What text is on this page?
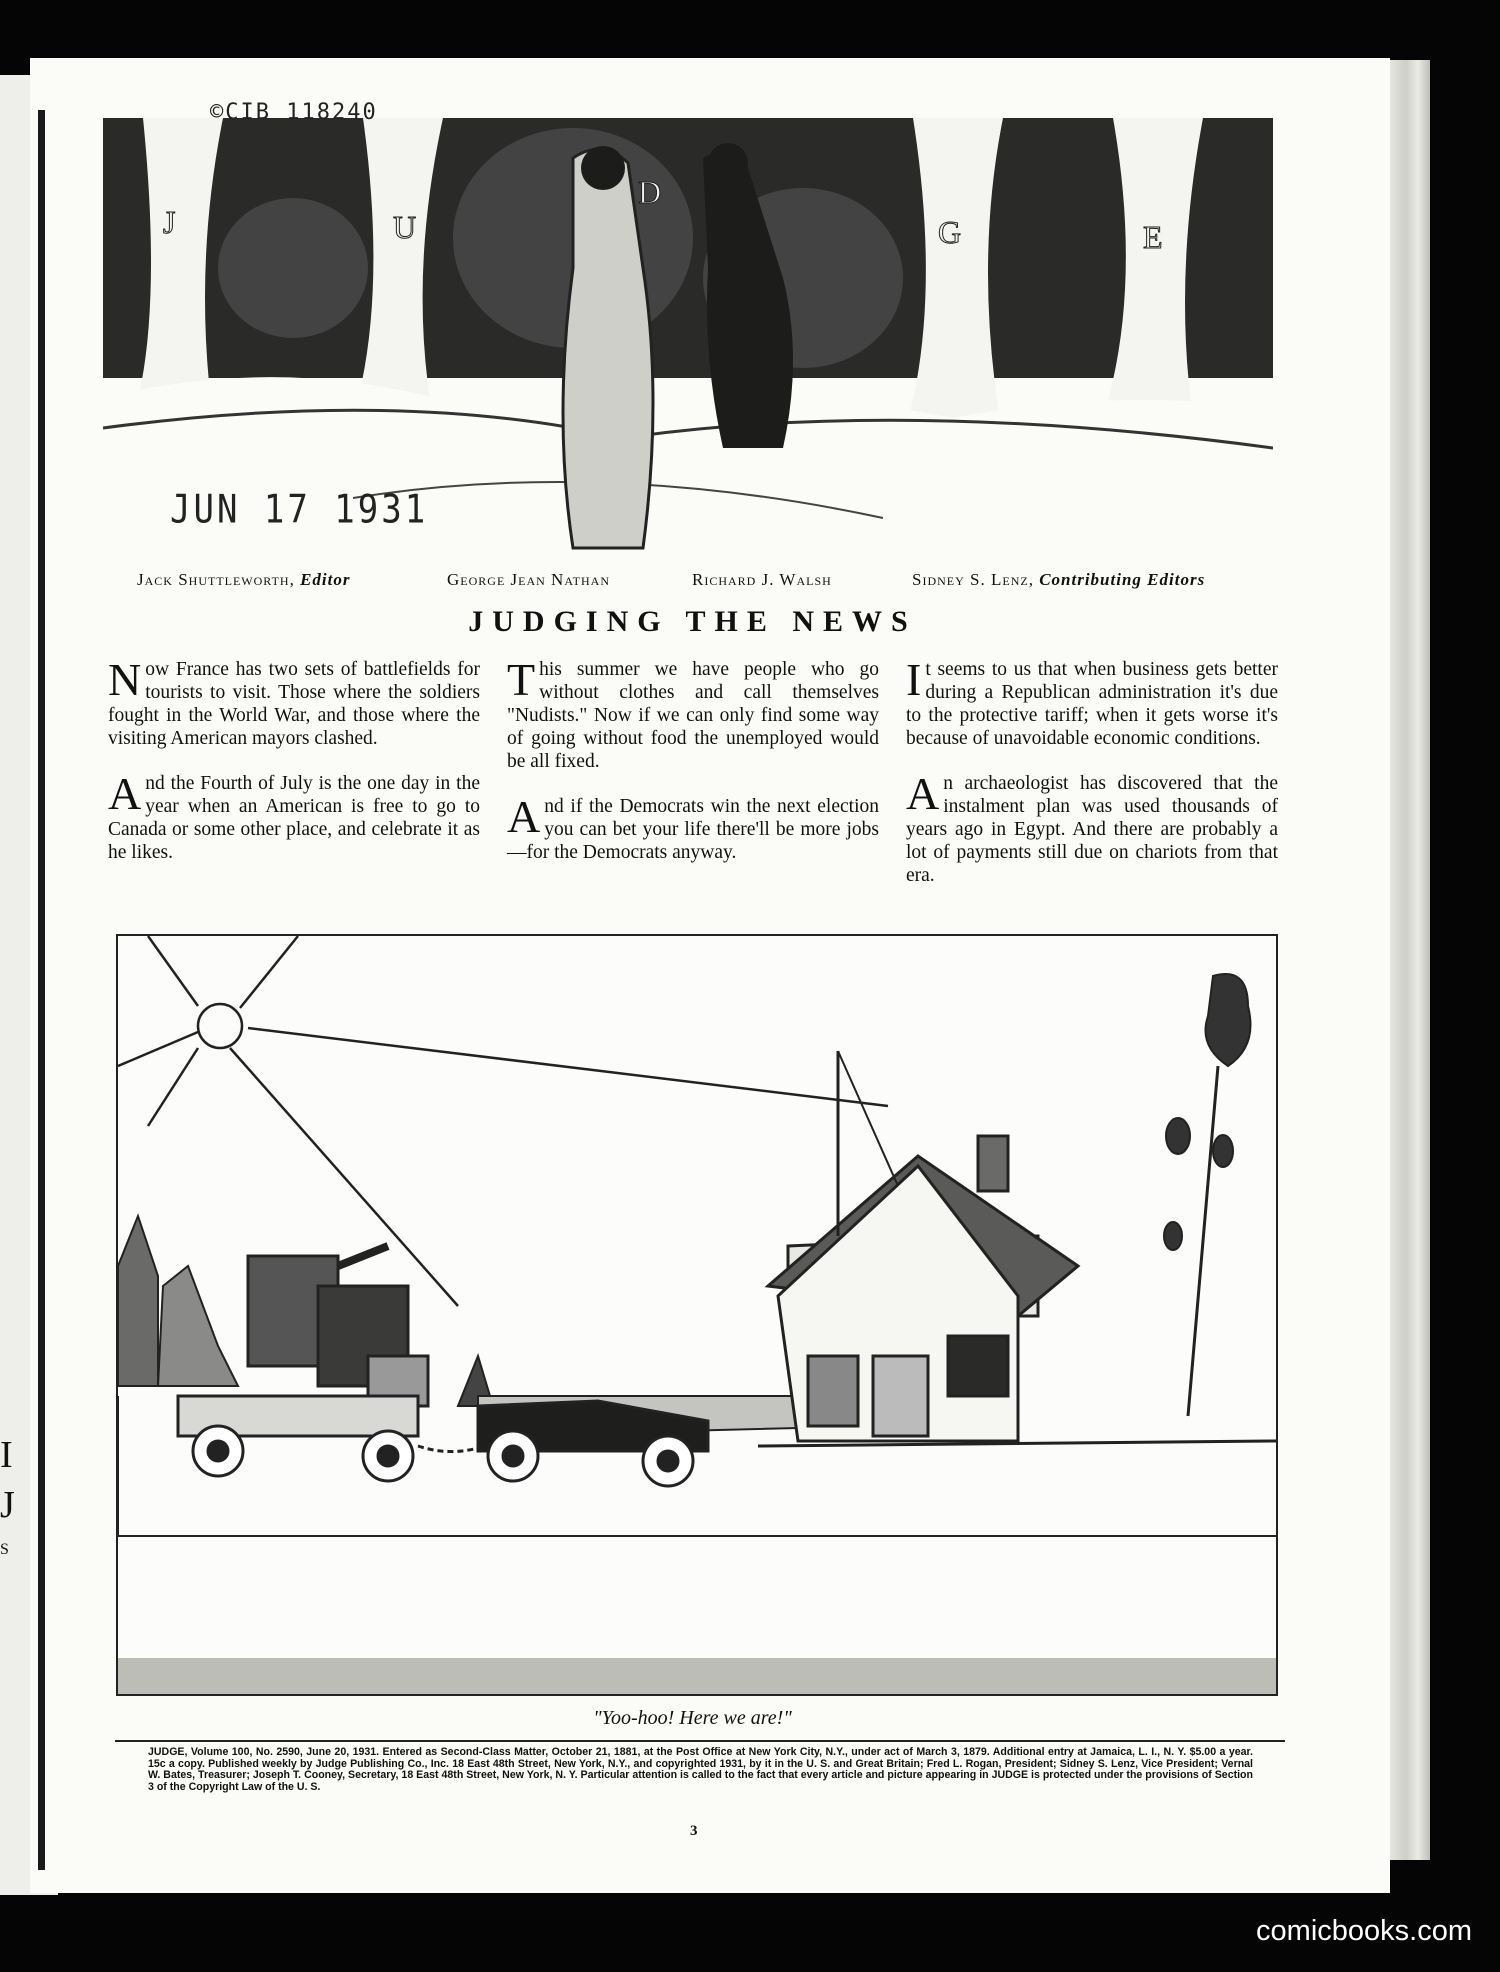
I
J
S
J	U
D
G	E
©CIB 118240
JUN 17 1931
Jack Shuttleworth, Editor	George Jean Nathan	Richard J. Walsh	Sidney S. Lenz, Contributing Editors
JUDGING THE NEWS

Now France has two sets of battlefields for tourists to visit. Those where the soldiers fought in the World War, and those where the visiting American mayors clashed.

And the Fourth of July is the one day in the year when an American is free to go to Canada or some other place, and celebrate it as he likes.

This summer we have people who go without clothes and call themselves "Nudists." Now if we can only find some way of going without food the unemployed would be all fixed.

And if the Democrats win the next election you can bet your life there'll be more jobs—for the Democrats anyway.

It seems to us that when business gets better during a Republican administration it's due to the protective tariff; when it gets worse it's because of unavoidable economic conditions.

An archaeologist has discovered that the instalment plan was used thousands of years ago in Egypt. And there are probably a lot of payments still due on chariots from that era.

"Yoo-hoo! Here we are!"
JUDGE, Volume 100, No. 2590, June 20, 1931. Entered as Second-Class Matter, October 21, 1881, at the Post Office at New York City, N.Y., under act of March 3, 1879. Additional entry at Jamaica, L. I., N. Y. $5.00 a year. 15c a copy. Published weekly by Judge Publishing Co., Inc. 18 East 48th Street, New York, N.Y., and copyrighted 1931, by it in the U. S. and Great Britain; Fred L. Rogan, President; Sidney S. Lenz, Vice President; Vernal W. Bates, Treasurer; Joseph T. Cooney, Secretary, 18 East 48th Street, New York, N. Y. Particular attention is called to the fact that every article and picture appearing in JUDGE is protected under the provisions of Section 3 of the Copyright Law of the U. S.
3
comicbooks.com
